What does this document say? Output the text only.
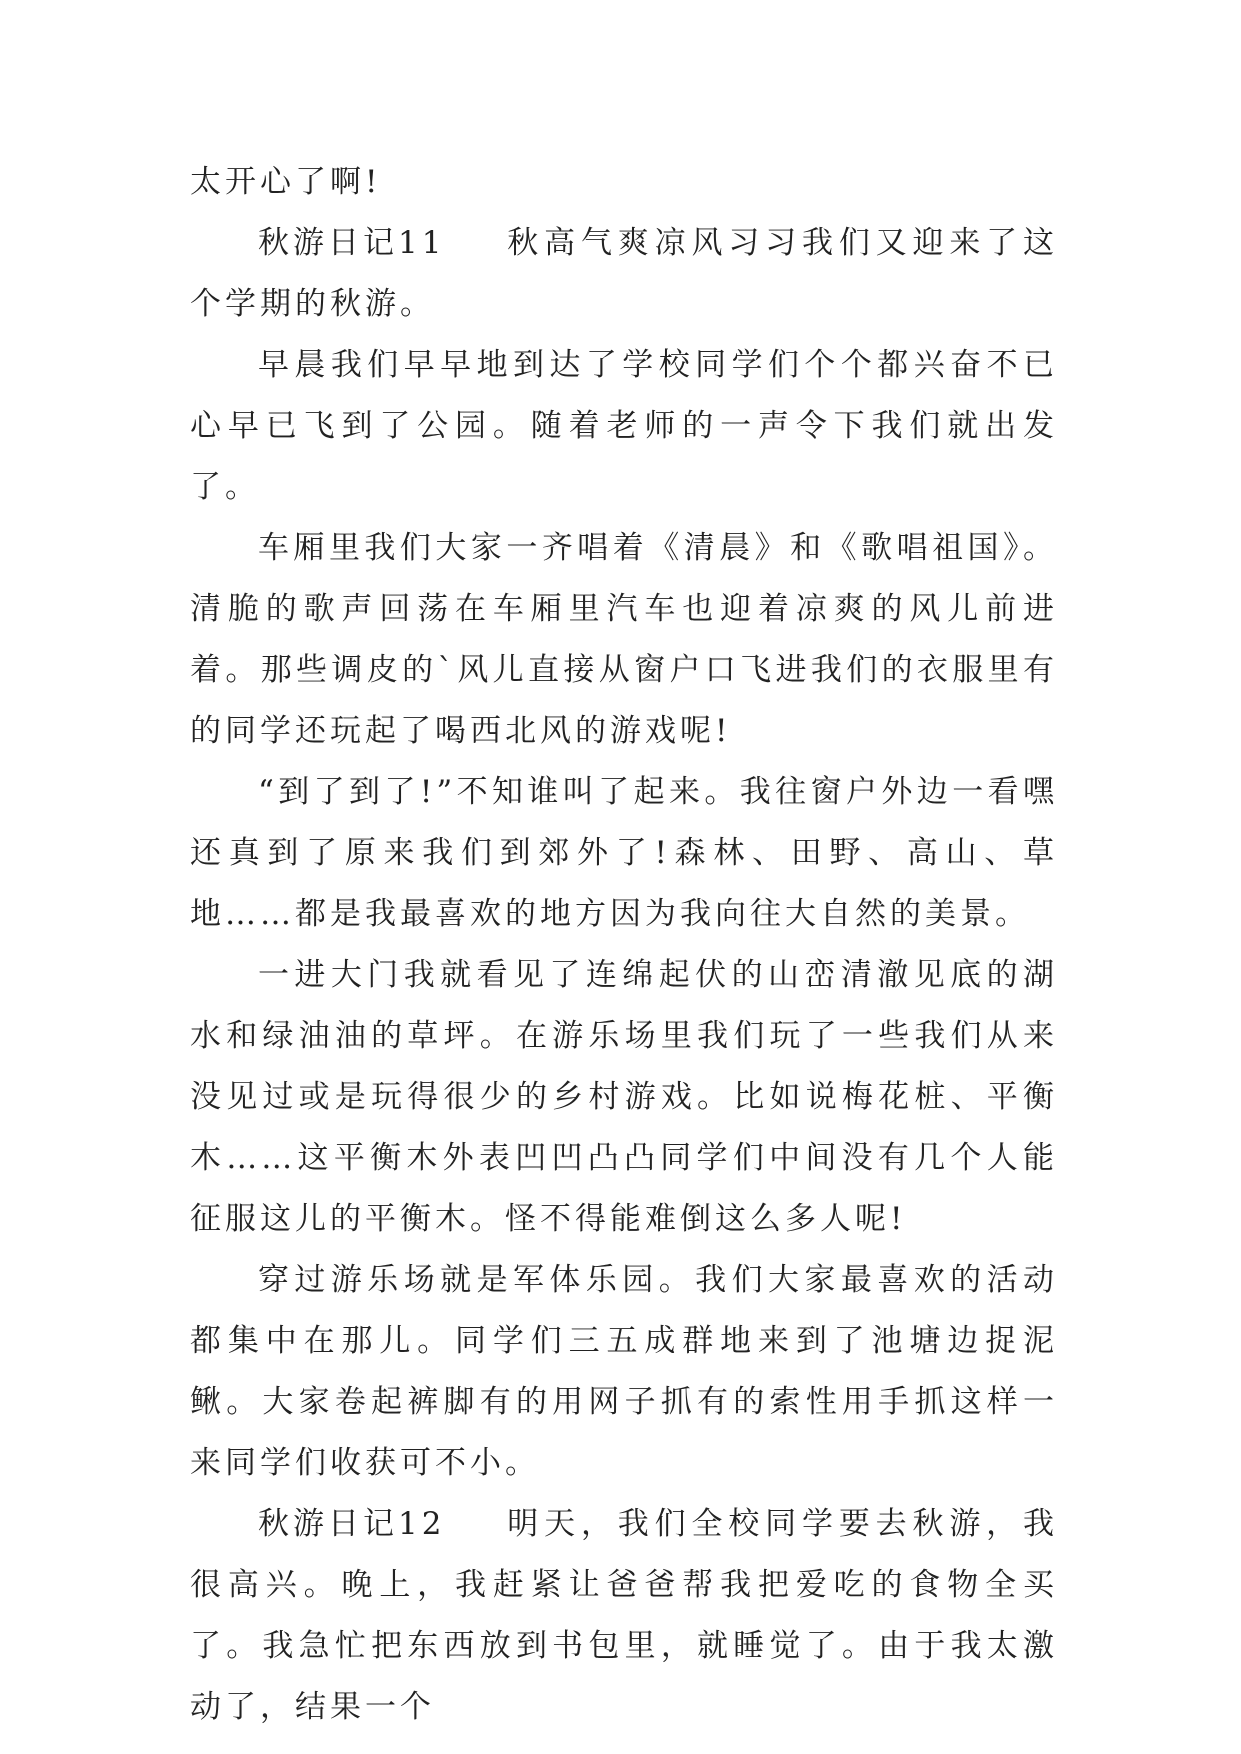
太开心了啊!

秋游日记11 秋高气爽凉风习习我们又迎来了这个学期的秋游。

早晨我们早早地到达了学校同学们个个都兴奋不已心早已飞到了公园。随着老师的一声令下我们就出发了。

车厢里我们大家一齐唱着《清晨》和《歌唱祖国》。清脆的歌声回荡在车厢里汽车也迎着凉爽的风儿前进着。那些调皮的`风儿直接从窗户口飞进我们的衣服里有的同学还玩起了喝西北风的游戏呢!

“到了到了!”不知谁叫了起来。我往窗户外边一看嘿还真到了原来我们到郊外了!森林、田野、高山、草地……都是我最喜欢的地方因为我向往大自然的美景。

一进大门我就看见了连绵起伏的山峦清澈见底的湖水和绿油油的草坪。在游乐场里我们玩了一些我们从来没见过或是玩得很少的乡村游戏。比如说梅花桩、平衡木……这平衡木外表凹凹凸凸同学们中间没有几个人能征服这儿的平衡木。怪不得能难倒这么多人呢!

穿过游乐场就是军体乐园。我们大家最喜欢的活动都集中在那儿。同学们三五成群地来到了池塘边捉泥鳅。大家卷起裤脚有的用网子抓有的索性用手抓这样一来同学们收获可不小。

秋游日记12 明天，我们全校同学要去秋游，我很高兴。晚上，我赶紧让爸爸帮我把爱吃的食物全买了。我急忙把东西放到书包里，就睡觉了。由于我太激动了，结果一个
